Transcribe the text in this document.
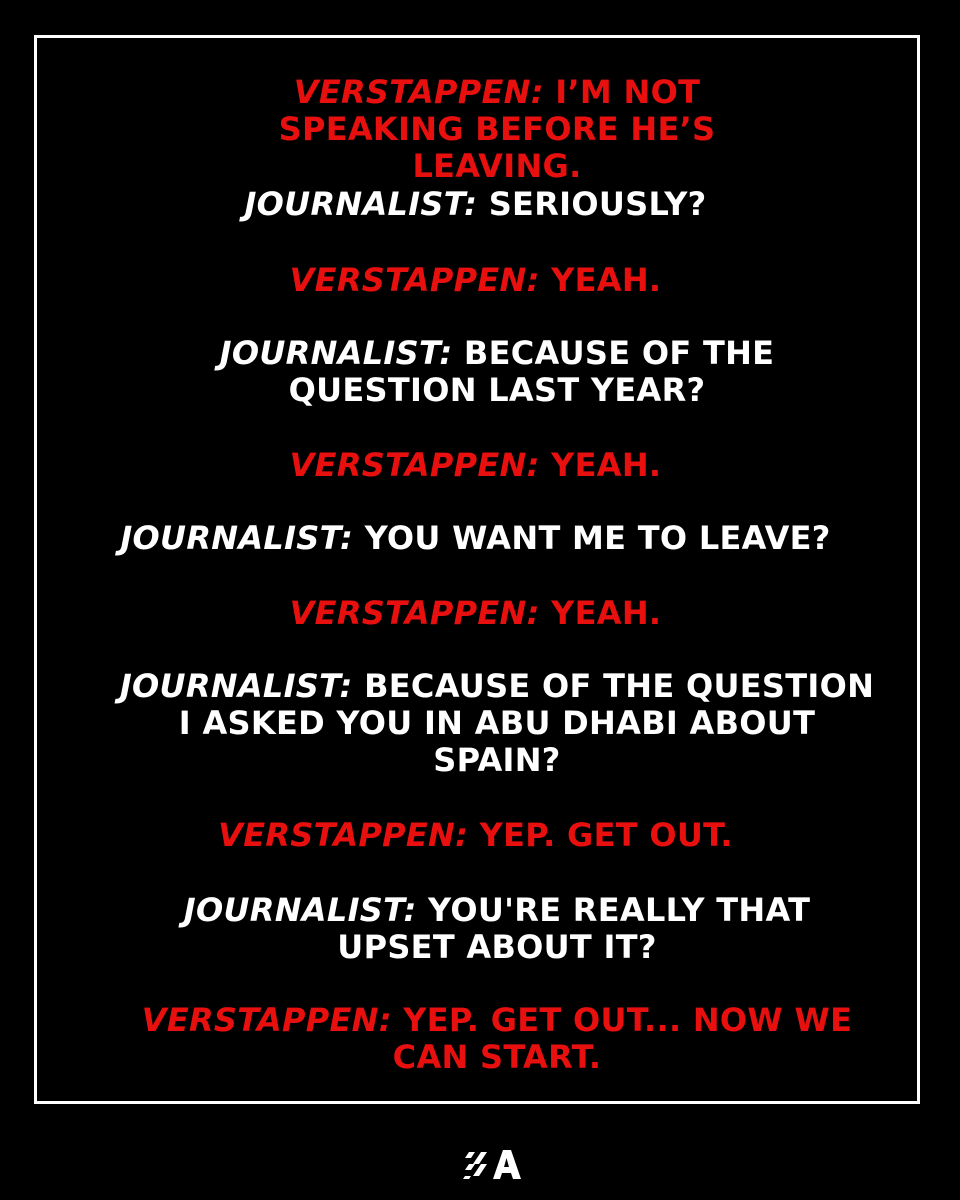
VERSTAPPEN: I’M NOT SPEAKING BEFORE HE’S LEAVING.

JOURNALIST: SERIOUSLY?

VERSTAPPEN: YEAH.

JOURNALIST: BECAUSE OF THE QUESTION LAST YEAR?

VERSTAPPEN: YEAH.

JOURNALIST: YOU WANT ME TO LEAVE?

VERSTAPPEN: YEAH.

JOURNALIST: BECAUSE OF THE QUESTION I ASKED YOU IN ABU DHABI ABOUT SPAIN?

VERSTAPPEN: YEP. GET OUT.

JOURNALIST: YOU'RE REALLY THAT UPSET ABOUT IT?

VERSTAPPEN: YEP. GET OUT... NOW WE CAN START.
